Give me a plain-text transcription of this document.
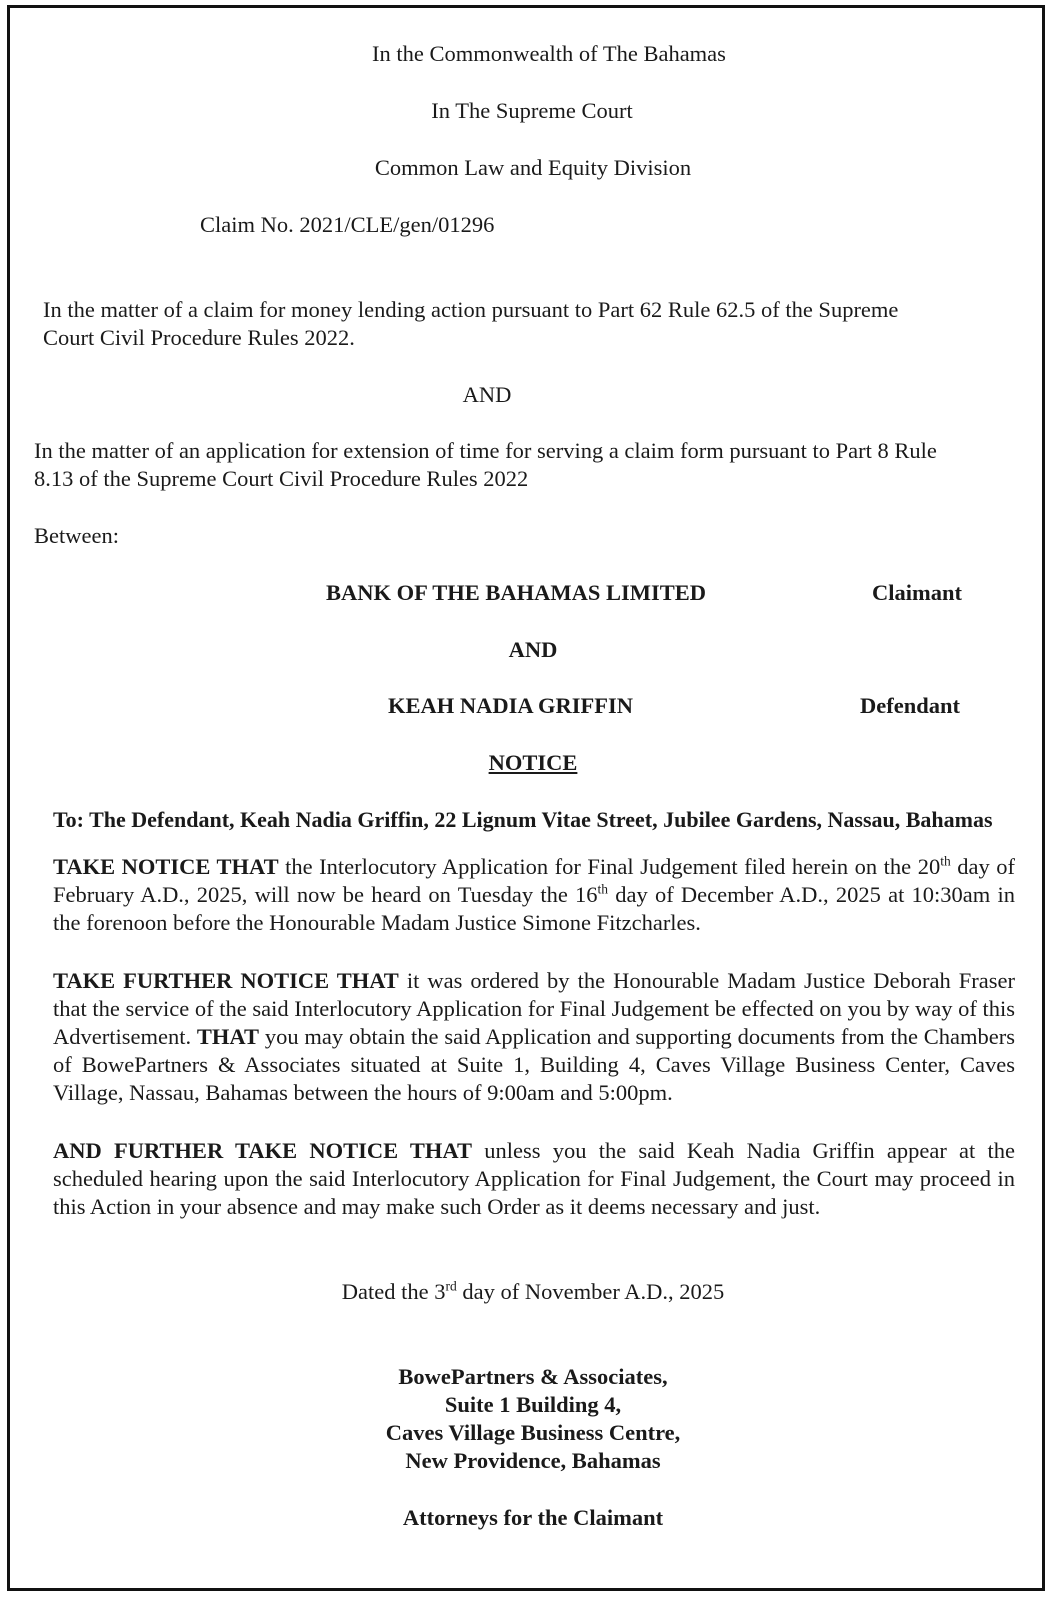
In the Commonwealth of The Bahamas
In The Supreme Court
Common Law and Equity Division
Claim No. 2021/CLE/gen/01296
In the matter of a claim for money lending action pursuant to Part 62 Rule 62.5 of the Supreme
Court Civil Procedure Rules 2022.
AND
In the matter of an application for extension of time for serving a claim form pursuant to Part 8 Rule
8.13 of the Supreme Court Civil Procedure Rules 2022
Between:
BANK OF THE BAHAMAS LIMITED	Claimant
AND
KEAH NADIA GRIFFIN	Defendant
NOTICE
To: The Defendant, Keah Nadia Griffin, 22 Lignum Vitae Street, Jubilee Gardens, Nassau, Bahamas
TAKE NOTICE THAT the Interlocutory Application for Final Judgement filed herein on the 20th day of February A.D., 2025, will now be heard on Tuesday the 16th day of December A.D., 2025 at 10:30am in the forenoon before the Honourable Madam Justice Simone Fitzcharles.
TAKE FURTHER NOTICE THAT it was ordered by the Honourable Madam Justice Deborah Fraser that the service of the said Interlocutory Application for Final Judgement be effected on you by way of this Advertisement. THAT you may obtain the said Application and supporting documents from the Chambers of BowePartners & Associates situated at Suite 1, Building 4, Caves Village Business Center, Caves Village, Nassau, Bahamas between the hours of 9:00am and 5:00pm.
AND FURTHER TAKE NOTICE THAT unless you the said Keah Nadia Griffin appear at the scheduled hearing upon the said Interlocutory Application for Final Judgement, the Court may proceed in this Action in your absence and may make such Order as it deems necessary and just.
Dated the 3rd day of November A.D., 2025
BowePartners & Associates,
Suite 1 Building 4,
Caves Village Business Centre,
New Providence, Bahamas
Attorneys for the Claimant
